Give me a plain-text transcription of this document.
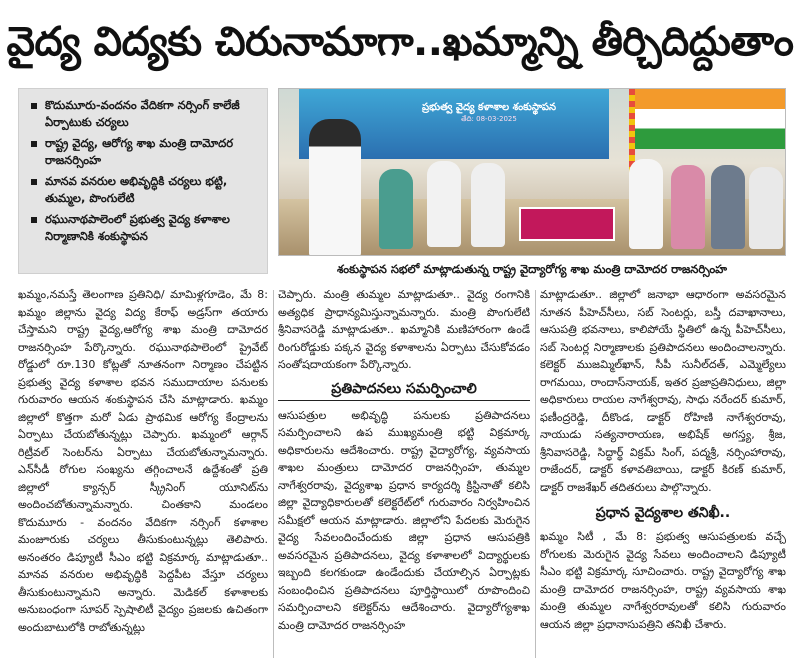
వైద్య విద్యకు చిరునామాగా..ఖమ్మాన్ని తీర్చిదిద్దుతాం
కొదుమూరు-వందనం వేదికగా నర్సింగ్ కాలేజీ ఏర్పాటుకు చర్యలు
రాష్ట్ర వైద్య, ఆరోగ్య శాఖ మంత్రి దామోదర రాజనర్సింహ
మానవ వనరుల అభివృద్ధికి చర్యలు భట్టి, తుమ్మల, పొంగులేటి
రఘునాథపాలెంలో ప్రభుత్వ వైద్య కళాశాల నిర్మాణానికి శంకుస్థాపన
ప్రభుత్వ వైద్య కళాశాల శంకుస్థాపన
తేది: 08-03-2025
శంకుస్థాపన సభలో మాట్లాడుతున్న రాష్ట్ర వైద్యారోగ్య శాఖ మంత్రి దామోదర రాజనర్సింహ

ఖమ్మం,నమస్తే తెలంగాణ ప్రతినిధి/ మామిళ్లగూడెం, మే 8: ఖమ్మం జిల్లాను వైద్య విద్య కేరాఫ్ అడ్రస్‌గా తయారు చేస్తామని రాష్ట్ర వైద్య,ఆరోగ్య శాఖ మంత్రి దామోదర రాజనర్సింహ పేర్కొన్నారు. రఘునాథపాలెంలో ప్రైవేట్ రోడ్డులో రూ.130 కోట్లతో నూతనంగా నిర్మాణం చేపట్టిన ప్రభుత్వ వైద్య కళాశాల భవన సముదాయాల పనులకు గురువారం ఆయన శంకుస్థాపన చేసి మాట్లాడారు. ఖమ్మం జిల్లాలో కొత్తగా మరో ఏడు ప్రాథమిక ఆరోగ్య కేంద్రాలను ఏర్పాటు చేయబోతున్నట్లు చెప్పారు. ఖమ్మంలో ఆర్గాన్ రిట్రీవల్ సెంటర్‌ను ఏర్పాటు చేయబోతున్నామన్నారు. ఎన్‌సీడీ రోగుల సంఖ్యను తగ్గించాలనే ఉద్దేశంతో ప్రతి జిల్లాలో క్యాన్సర్ స్క్రీనింగ్ యూనిట్‌ను అందించబోతున్నామన్నారు. చింతకాని మండలం కొదుమూరు - వందనం వేదికగా నర్సింగ్ కళాశాల మంజూరుకు చర్యలు తీసుకుంటున్నట్లు తెలిపారు. అనంతరం డిప్యూటీ సీఎం భట్టి విక్రమార్క మాట్లాడుతూ.. మానవ వనరుల అభివృద్ధికి పెద్దపీట వేస్తూ చర్యలు తీసుకుంటున్నామని అన్నారు. మెడికల్ కళాశాలకు అనుబంధంగా సూపర్ స్పెషాలిటీ వైద్యం ప్రజలకు ఉచితంగా అందుబాటులోకి రాబోతున్నట్లు

చెప్పారు. మంత్రి తుమ్మల మాట్లాడుతూ.. వైద్య రంగానికి అత్యధిక ప్రాధాన్యమిస్తున్నామన్నారు. మంత్రి పొంగులేటి శ్రీనివాసరెడ్డి మాట్లాడుతూ.. ఖమ్మానికి మణిహారంగా ఉండే రింగురోడ్డుకు పక్కన వైద్య కళాశాలను ఏర్పాటు చేసుకోవడం సంతోషదాయకంగా పేర్కొన్నారు.

ప్రతిపాదనలు సమర్పించాలి

ఆసుపత్రుల అభివృద్ధి పనులకు ప్రతిపాదనలు సమర్పించాలని ఉప ముఖ్యమంత్రి భట్టి విక్రమార్క అధికారులను ఆదేశించారు. రాష్ట్ర వైద్యారోగ్య, వ్యవసాయ శాఖల మంత్రులు దామోదర రాజనర్సింహ, తుమ్మల నాగేశ్వరరావు, వైద్యశాఖ ప్రధాన కార్యదర్శి క్రిస్టినాతో కలిసి జిల్లా వైద్యాధికారులతో కలెక్టరేట్‌లో గురువారం నిర్వహించిన సమీక్షలో ఆయన మాట్లాడారు. జిల్లాలోని పేదలకు మెరుగైన వైద్య సేవలందించేందుకు జిల్లా ప్రధాన ఆసుపత్రికి అవసరమైన ప్రతిపాదనలు, వైద్య కళాశాలలో విద్యార్థులకు ఇబ్బంది కలగకుండా ఉండేందుకు చేయాల్సిన ఏర్పాట్లకు సంబంధించిన ప్రతిపాదనలు పూర్తిస్థాయిలో రూపొందించి సమర్పించాలని కలెక్టర్‌ను ఆదేశించారు. వైద్యారోగ్యశాఖ మంత్రి దామోదర రాజనర్సింహ

మాట్లాడుతూ.. జిల్లాలో జనాభా ఆధారంగా అవసరమైన నూతన పీహెచ్‌సీలు, సబ్ సెంటర్లు, బస్తీ దవాఖానాలు, ఆసుపత్రి భవనాలు, కాలిపోయే స్థితిలో ఉన్న పీహెచ్‌సీలు, సబ్ సెంటర్ల నిర్మాణాలకు ప్రతిపాదనలు అందించాలన్నారు. కలెక్టర్ ముజమ్మిల్‌ఖాన్, సీపీ సునీల్‌దత్, ఎమ్మెల్యేలు రాగమయి, రాందాస్‌నాయక్, ఇతర ప్రజాప్రతినిధులు, జిల్లా అధికారులు రాయల నాగేశ్వరావు, సాధు నరేందర్ కుమార్, ఫణీంద్రరెడ్డి, దీకొండ, డాక్టర్ రోహిణి నాగేశ్వరరావు, నాయుడు సత్యనారాయణ, అభిషేక్ అగస్త్య, శ్రీజ, శ్రీనివాసరెడ్డి, సిద్ధార్థ్ విక్రమ్ సింగ్, పద్మశ్రీ, నర్సింహారావు, రాజేందర్, డాక్టర్ కళావతిబాయి, డాక్టర్ కిరణ్ కుమార్, డాక్టర్ రాజశేఖర్ తదితరులు పాల్గొన్నారు.

ప్రధాన వైద్యశాల తనిఖీ..

ఖమ్మం సిటీ , మే 8: ప్రభుత్వ ఆసుపత్రులకు వచ్చే రోగులకు మెరుగైన వైద్య సేవలు అందించాలని డిప్యూటీ సీఎం భట్టి విక్రమార్క సూచించారు. రాష్ట్ర వైద్యారోగ్య శాఖ మంత్రి దామోదర రాజనర్సింహ, రాష్ట్ర వ్యవసాయ శాఖ మంత్రి తుమ్మల నాగేశ్వరరావులతో కలిసి గురువారం ఆయన జిల్లా ప్రధానాసుపత్రిని తనిఖీ చేశారు.
